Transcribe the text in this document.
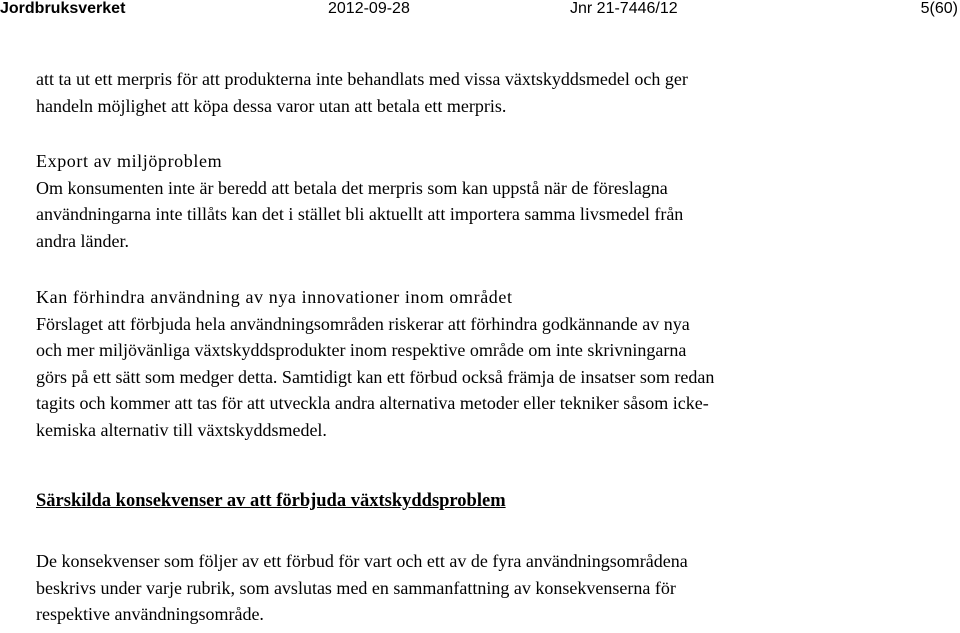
Jordbruksverket	2012-09-28	Jnr 21-7446/12	5(60)
att ta ut ett merpris för att produkterna inte behandlats med vissa växtskyddsmedel och ger
handeln möjlighet att köpa dessa varor utan att betala ett merpris.
Export av miljöproblem
Om konsumenten inte är beredd att betala det merpris som kan uppstå när de föreslagna
användningarna inte tillåts kan det i stället bli aktuellt att importera samma livsmedel från
andra länder.
Kan förhindra användning av nya innovationer inom området
Förslaget att förbjuda hela användningsområden riskerar att förhindra godkännande av nya
och mer miljövänliga växtskyddsprodukter inom respektive område om inte skrivningarna
görs på ett sätt som medger detta. Samtidigt kan ett förbud också främja de insatser som redan
tagits och kommer att tas för att utveckla andra alternativa metoder eller tekniker såsom icke-
kemiska alternativ till växtskyddsmedel.
Särskilda konsekvenser av att förbjuda växtskyddsproblem
De konsekvenser som följer av ett förbud för vart och ett av de fyra användningsområdena
beskrivs under varje rubrik, som avslutas med en sammanfattning av konsekvenserna för
respektive användningsområde.
